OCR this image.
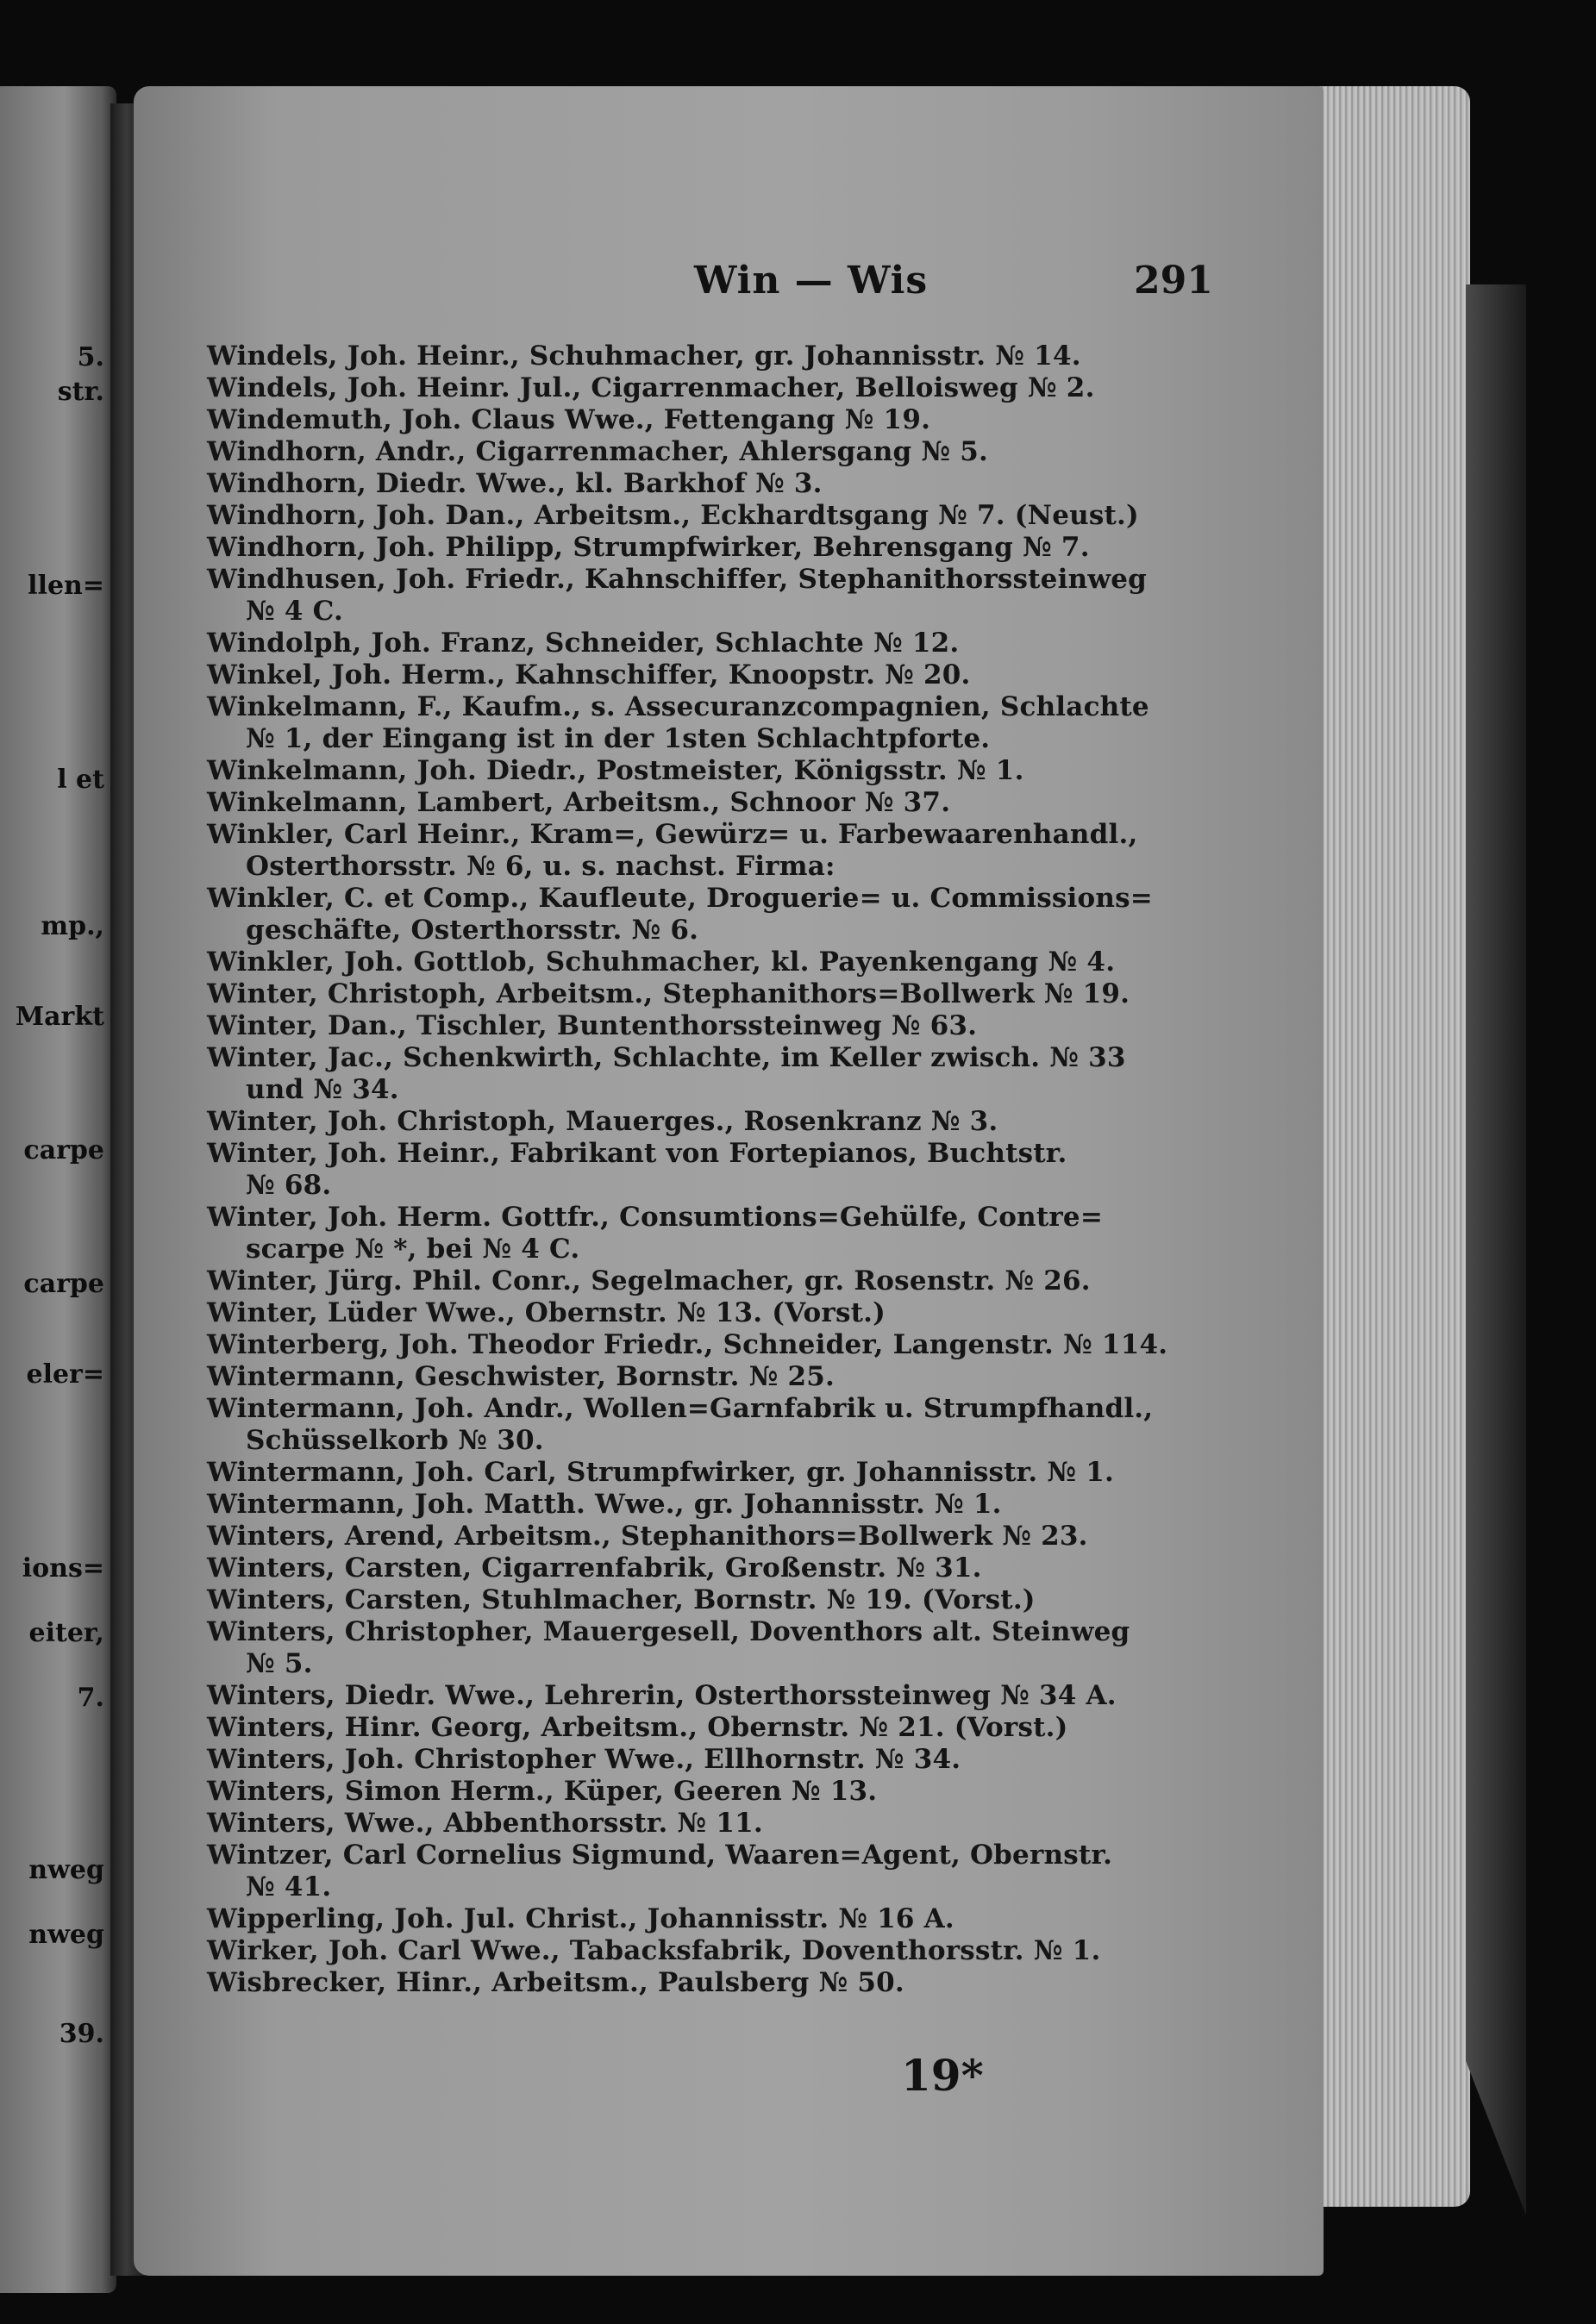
5.
str.
llen=
l et
mp.,
Markt
carpe
carpe
eler=
ions=
eiter,
7.
nweg
nweg
39.
Win — Wis	291
Windels, Joh. Heinr., Schuhmacher, gr. Johannisstr. № 14.
Windels, Joh. Heinr. Jul., Cigarrenmacher, Belloisweg № 2.
Windemuth, Joh. Claus Wwe., Fettengang № 19.
Windhorn, Andr., Cigarrenmacher, Ahlersgang № 5.
Windhorn, Diedr. Wwe., kl. Barkhof № 3.
Windhorn, Joh. Dan., Arbeitsm., Eckhardtsgang № 7. (Neust.)
Windhorn, Joh. Philipp, Strumpfwirker, Behrensgang № 7.
Windhusen, Joh. Friedr., Kahnschiffer, Stephanithorssteinweg
№ 4 C.
Windolph, Joh. Franz, Schneider, Schlachte № 12.
Winkel, Joh. Herm., Kahnschiffer, Knoopstr. № 20.
Winkelmann, F., Kaufm., s. Assecuranzcompagnien, Schlachte
№ 1, der Eingang ist in der 1sten Schlachtpforte.
Winkelmann, Joh. Diedr., Postmeister, Königsstr. № 1.
Winkelmann, Lambert, Arbeitsm., Schnoor № 37.
Winkler, Carl Heinr., Kram=, Gewürz= u. Farbewaarenhandl.,
Osterthorsstr. № 6, u. s. nachst. Firma:
Winkler, C. et Comp., Kaufleute, Droguerie= u. Commissions=
geschäfte, Osterthorsstr. № 6.
Winkler, Joh. Gottlob, Schuhmacher, kl. Payenkengang № 4.
Winter, Christoph, Arbeitsm., Stephanithors=Bollwerk № 19.
Winter, Dan., Tischler, Buntenthorssteinweg № 63.
Winter, Jac., Schenkwirth, Schlachte, im Keller zwisch. № 33
und № 34.
Winter, Joh. Christoph, Mauerges., Rosenkranz № 3.
Winter, Joh. Heinr., Fabrikant von Fortepianos, Buchtstr.
№ 68.
Winter, Joh. Herm. Gottfr., Consumtions=Gehülfe, Contre=
scarpe № *, bei № 4 C.
Winter, Jürg. Phil. Conr., Segelmacher, gr. Rosenstr. № 26.
Winter, Lüder Wwe., Obernstr. № 13. (Vorst.)
Winterberg, Joh. Theodor Friedr., Schneider, Langenstr. № 114.
Wintermann, Geschwister, Bornstr. № 25.
Wintermann, Joh. Andr., Wollen=Garnfabrik u. Strumpfhandl.,
Schüsselkorb № 30.
Wintermann, Joh. Carl, Strumpfwirker, gr. Johannisstr. № 1.
Wintermann, Joh. Matth. Wwe., gr. Johannisstr. № 1.
Winters, Arend, Arbeitsm., Stephanithors=Bollwerk № 23.
Winters, Carsten, Cigarrenfabrik, Großenstr. № 31.
Winters, Carsten, Stuhlmacher, Bornstr. № 19. (Vorst.)
Winters, Christopher, Mauergesell, Doventhors alt. Steinweg
№ 5.
Winters, Diedr. Wwe., Lehrerin, Osterthorssteinweg № 34 A.
Winters, Hinr. Georg, Arbeitsm., Obernstr. № 21. (Vorst.)
Winters, Joh. Christopher Wwe., Ellhornstr. № 34.
Winters, Simon Herm., Küper, Geeren № 13.
Winters, Wwe., Abbenthorsstr. № 11.
Wintzer, Carl Cornelius Sigmund, Waaren=Agent, Obernstr.
№ 41.
Wipperling, Joh. Jul. Christ., Johannisstr. № 16 A.
Wirker, Joh. Carl Wwe., Tabacksfabrik, Doventhorsstr. № 1.
Wisbrecker, Hinr., Arbeitsm., Paulsberg № 50.
19*
